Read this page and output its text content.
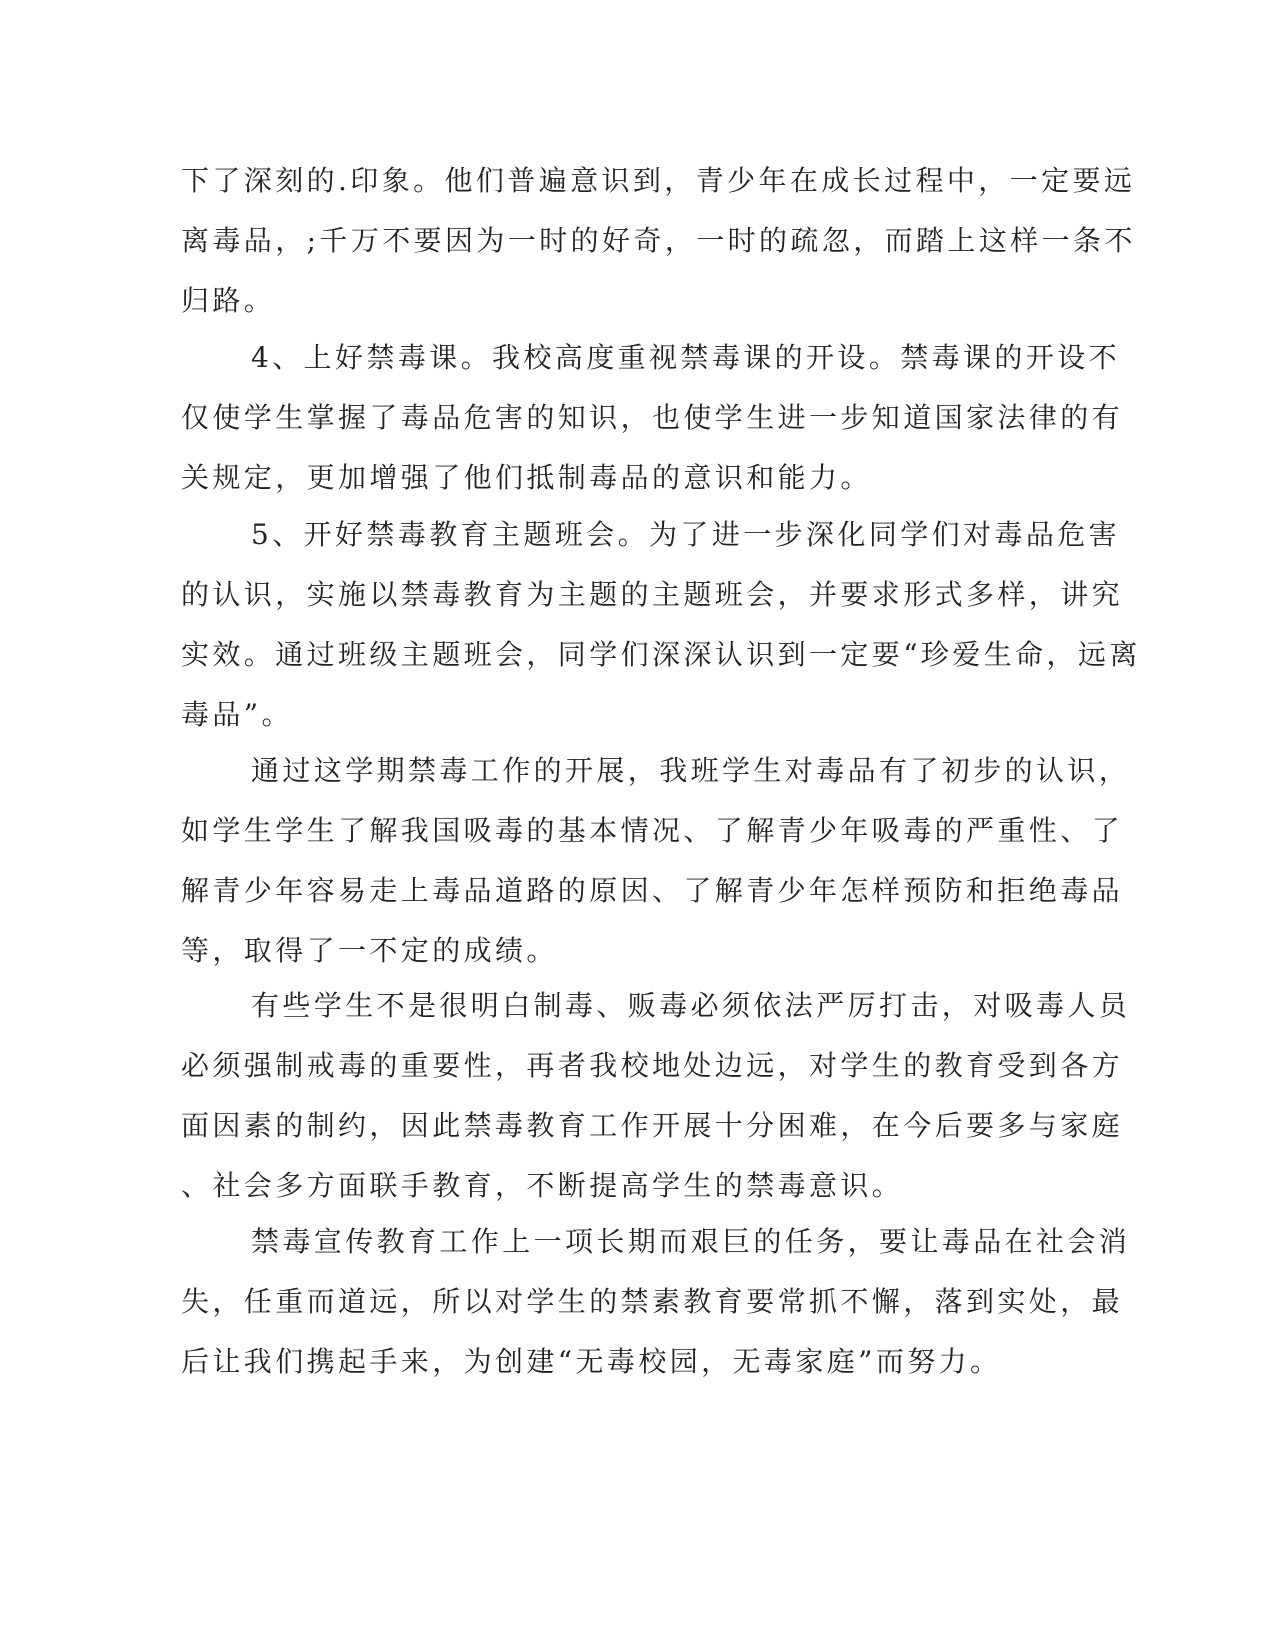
下了深刻的.印象。他们普遍意识到，青少年在成长过程中，一定要远
离毒品，;千万不要因为一时的好奇，一时的疏忽，而踏上这样一条不
归路。
4、上好禁毒课。我校高度重视禁毒课的开设。禁毒课的开设不
仅使学生掌握了毒品危害的知识，也使学生进一步知道国家法律的有
关规定，更加增强了他们抵制毒品的意识和能力。
5、开好禁毒教育主题班会。为了进一步深化同学们对毒品危害
的认识，实施以禁毒教育为主题的主题班会，并要求形式多样，讲究
实效。通过班级主题班会，同学们深深认识到一定要“珍爱生命，远离
毒品”。
通过这学期禁毒工作的开展，我班学生对毒品有了初步的认识，
如学生学生了解我国吸毒的基本情况、了解青少年吸毒的严重性、了
解青少年容易走上毒品道路的原因、了解青少年怎样预防和拒绝毒品
等，取得了一不定的成绩。
有些学生不是很明白制毒、贩毒必须依法严厉打击，对吸毒人员
必须强制戒毒的重要性，再者我校地处边远，对学生的教育受到各方
面因素的制约，因此禁毒教育工作开展十分困难，在今后要多与家庭
、社会多方面联手教育，不断提高学生的禁毒意识。
禁毒宣传教育工作上一项长期而艰巨的任务，要让毒品在社会消
失，任重而道远，所以对学生的禁素教育要常抓不懈，落到实处，最
后让我们携起手来，为创建“无毒校园，无毒家庭”而努力。
